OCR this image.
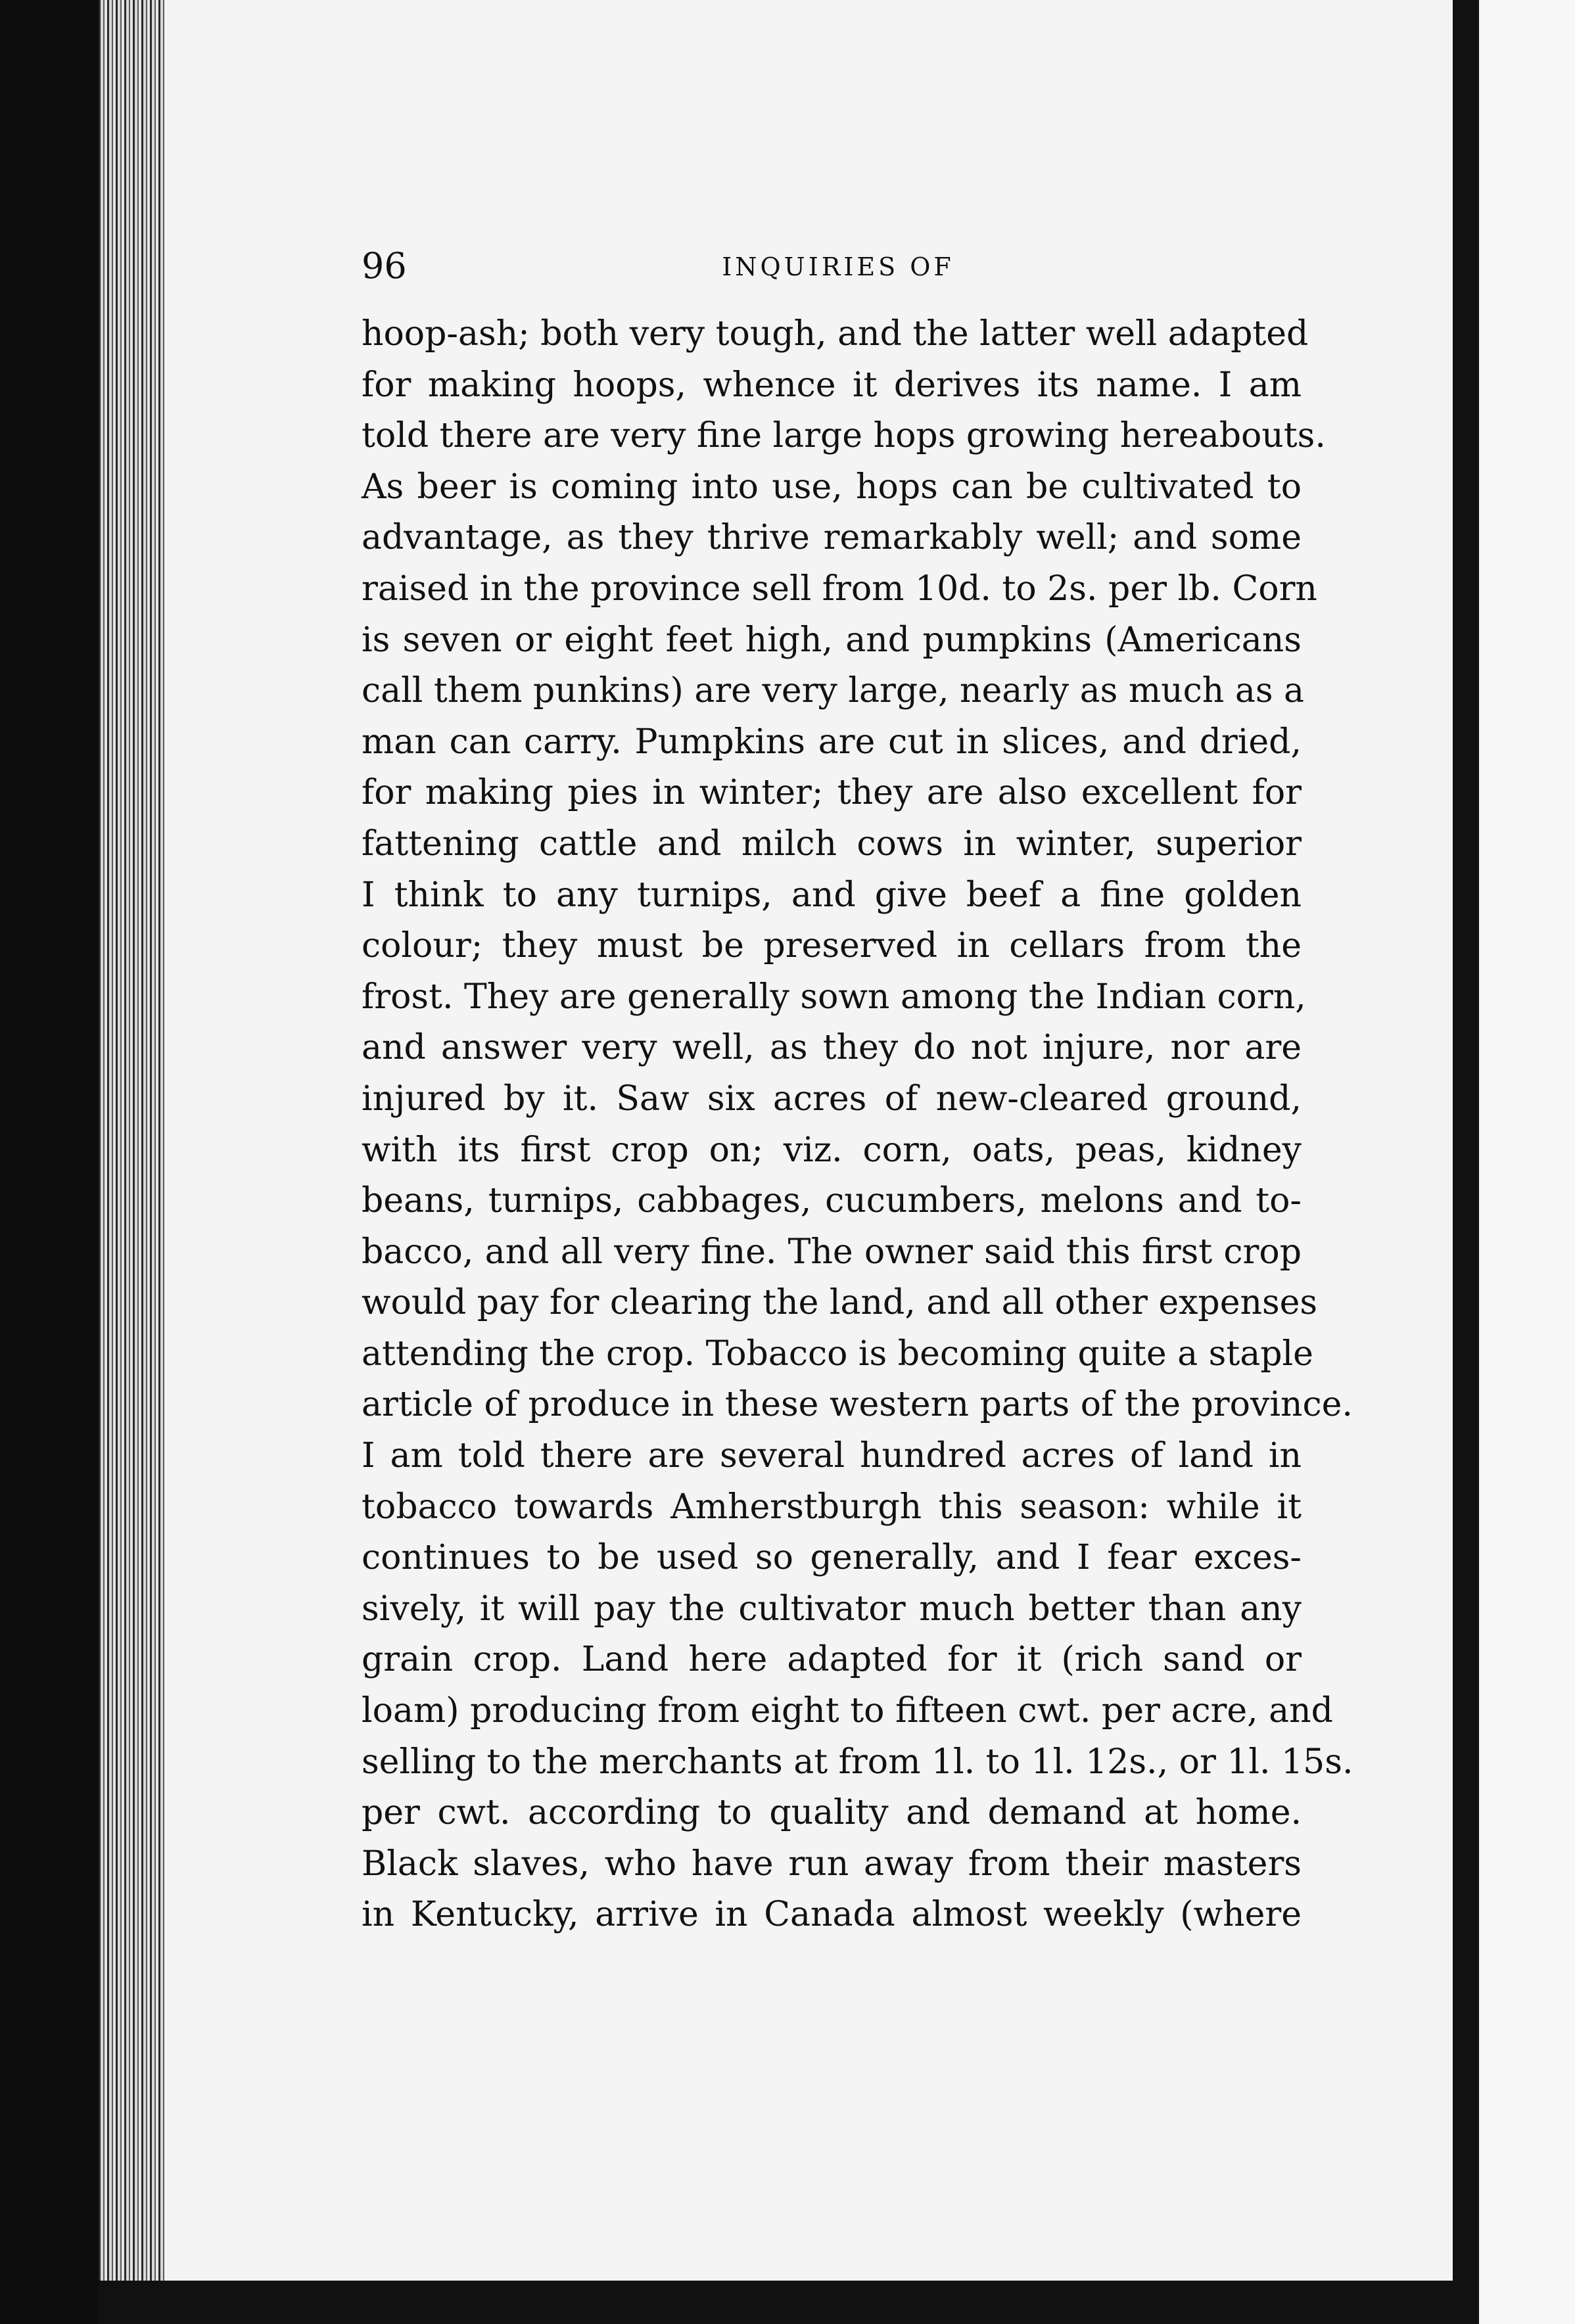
96	INQUIRIES OF
hoop-ash; both very tough, and the latter well adapted
for making hoops, whence it derives its name. I am
told there are very fine large hops growing hereabouts.
As beer is coming into use, hops can be cultivated to
advantage, as they thrive remarkably well; and some
raised in the province sell from 10d. to 2s. per lb. Corn
is seven or eight feet high, and pumpkins (Americans
call them punkins) are very large, nearly as much as a
man can carry. Pumpkins are cut in slices, and dried,
for making pies in winter; they are also excellent for
fattening cattle and milch cows in winter, superior
I think to any turnips, and give beef a fine golden
colour; they must be preserved in cellars from the
frost. They are generally sown among the Indian corn,
and answer very well, as they do not injure, nor are
injured by it. Saw six acres of new-cleared ground,
with its first crop on; viz. corn, oats, peas, kidney
beans, turnips, cabbages, cucumbers, melons and to-
bacco, and all very fine. The owner said this first crop
would pay for clearing the land, and all other expenses
attending the crop. Tobacco is becoming quite a staple
article of produce in these western parts of the province.
I am told there are several hundred acres of land in
tobacco towards Amherstburgh this season: while it
continues to be used so generally, and I fear exces-
sively, it will pay the cultivator much better than any
grain crop. Land here adapted for it (rich sand or
loam) producing from eight to fifteen cwt. per acre, and
selling to the merchants at from 1l. to 1l. 12s., or 1l. 15s.
per cwt. according to quality and demand at home.
Black slaves, who have run away from their masters
in Kentucky, arrive in Canada almost weekly (where
